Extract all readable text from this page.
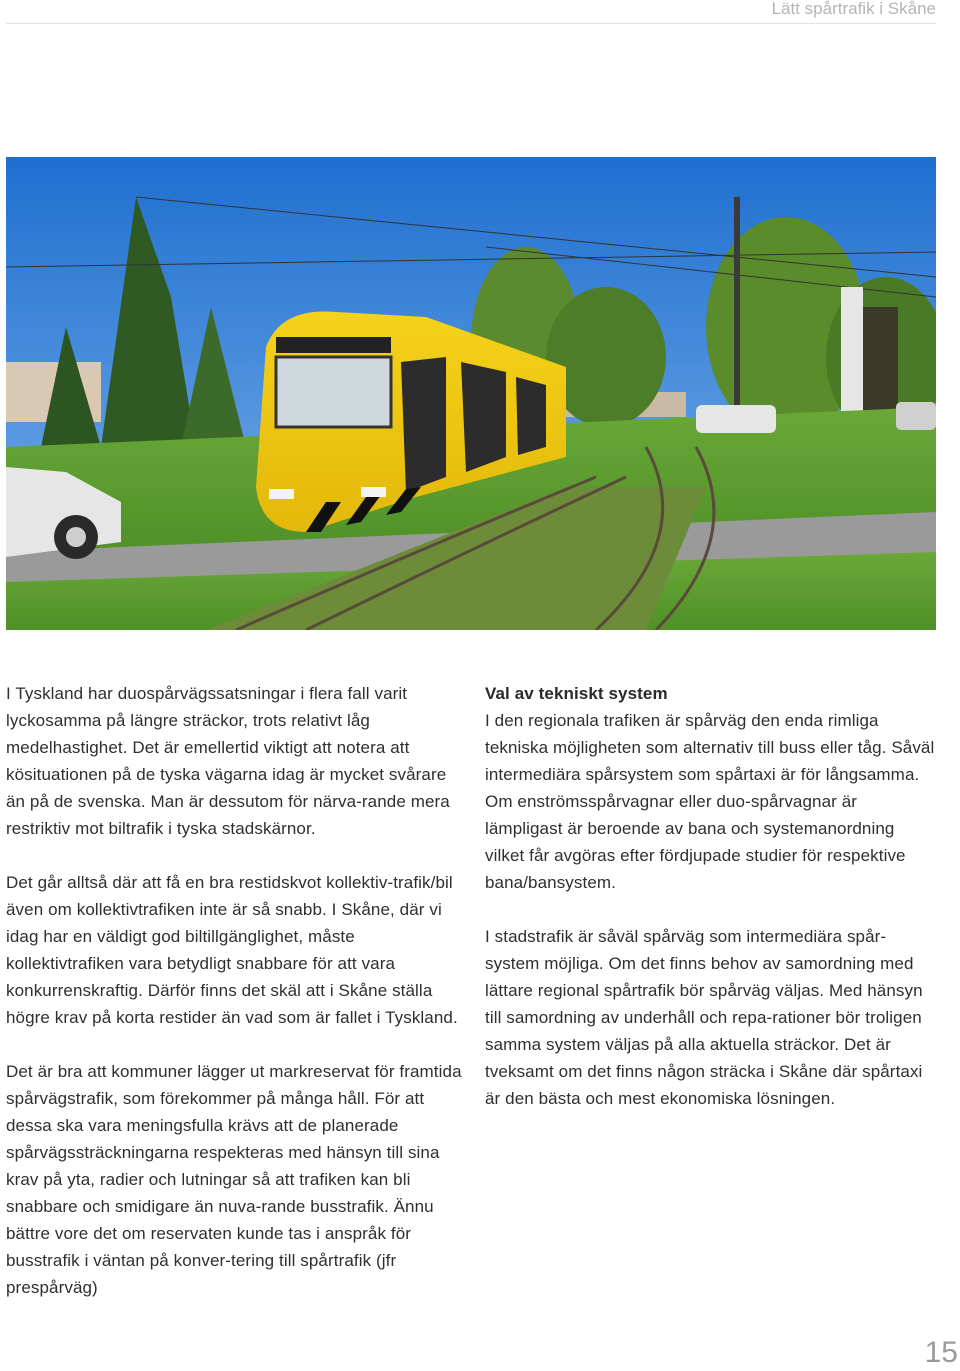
Lätt spårtrafik i Skåne

I Tyskland har duospårvägssatsningar i flera fall varit lyckosamma på längre sträckor, trots relativt låg medelhastighet. Det är emellertid viktigt att notera att kösituationen på de tyska vägarna idag är mycket svårare än på de svenska. Man är dessutom för närva-rande mera restriktiv mot biltrafik i tyska stadskärnor.

Det går alltså där att få en bra restidskvot kollektiv-trafik/bil även om kollektivtrafiken inte är så snabb. I Skåne, där vi idag har en väldigt god biltillgänglighet, måste kollektivtrafiken vara betydligt snabbare för att vara konkurrenskraftig. Därför finns det skäl att i Skåne ställa högre krav på korta restider än vad som är fallet i Tyskland.

Det är bra att kommuner lägger ut markreservat för framtida spårvägstrafik, som förekommer på många håll. För att dessa ska vara meningsfulla krävs att de planerade spårvägssträckningarna respekteras med hänsyn till sina krav på yta, radier och lutningar så att trafiken kan bli snabbare och smidigare än nuva-rande busstrafik. Ännu bättre vore det om reservaten kunde tas i anspråk för busstrafik i väntan på konver-tering till spårtrafik (jfr prespårväg)

Val av tekniskt system

I den regionala trafiken är spårväg den enda rimliga tekniska möjligheten som alternativ till buss eller tåg. Såväl intermediära spårsystem som spårtaxi är för långsamma. Om enströmsspårvagnar eller duo-spårvagnar är lämpligast är beroende av bana och systemanordning vilket får avgöras efter fördjupade studier för respektive bana/bansystem.

I stadstrafik är såväl spårväg som intermediära spår-system möjliga. Om det finns behov av samordning med lättare regional spårtrafik bör spårväg väljas. Med hänsyn till samordning av underhåll och repa-rationer bör troligen samma system väljas på alla aktuella sträckor. Det är tveksamt om det finns någon sträcka i Skåne där spårtaxi är den bästa och mest ekonomiska lösningen.

15
